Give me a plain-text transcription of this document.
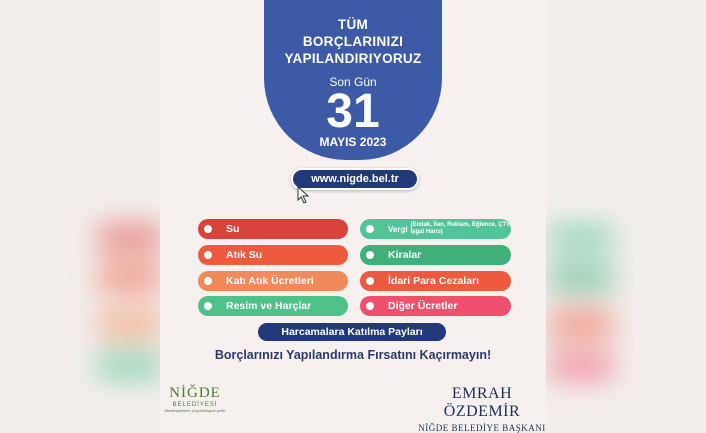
TÜM
BORÇLARINIZI
YAPILANDIRIYORUZ
Son Gün
31
MAYIS 2023
www.nigde.bel.tr
Su
Atık Su
Katı Atık Ücretleri
Resim ve Harçlar
Vergi (Emlak, İlan, Reklam, Eğlence, ÇTV, İşgal Harcı)
Kiralar
İdari Para Cezaları
Diğer Ücretler
Harcamalara Katılma Payları
Borçlarınızı Yapılandırma Fırsatını Kaçırmayın!
NİĞDE
BELEDİYESİ
Medeniyetlerin yüzyıllıkkaydı şehir
EMRAH ÖZDEMİR
NİĞDE BELEDİYE BAŞKANI
